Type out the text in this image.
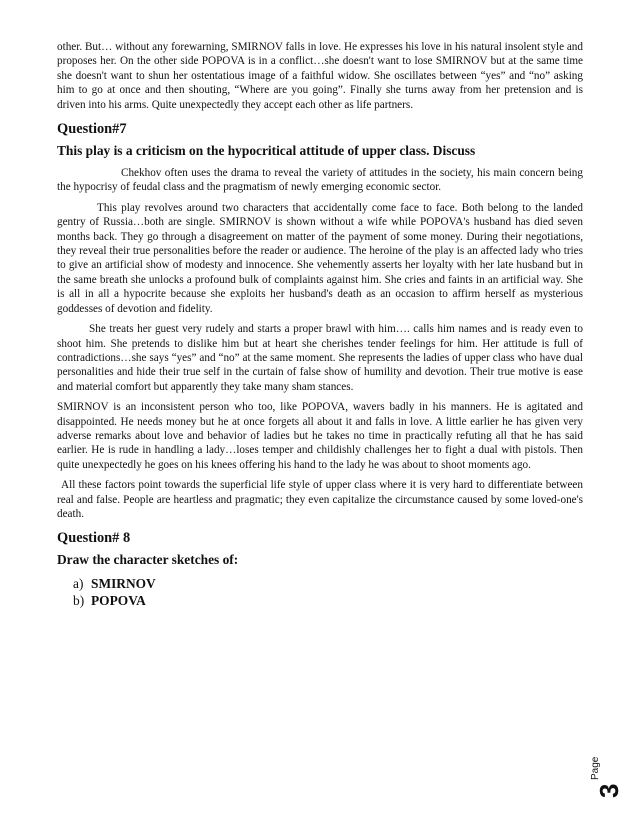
other. But… without any forewarning, SMIRNOV falls in love. He expresses his love in his natural insolent style and proposes her. On the other side POPOVA is in a conflict…she doesn't want to lose SMIRNOV but at the same time she doesn't want to shun her ostentatious image of a faithful widow. She oscillates between “yes” and “no” asking him to go at once and then shouting, “Where are you going”. Finally she turns away from her pretension and is driven into his arms. Quite unexpectedly they accept each other as life partners.

Question#7
This play is a criticism on the hypocritical attitude of upper class. Discuss

Chekhov often uses the drama to reveal the variety of attitudes in the society, his main concern being the hypocrisy of feudal class and the pragmatism of newly emerging economic sector.

This play revolves around two characters that accidentally come face to face. Both belong to the landed gentry of Russia…both are single. SMIRNOV is shown without a wife while POPOVA's husband has died seven months back. They go through a disagreement on matter of the payment of some money. During their negotiations, they reveal their true personalities before the reader or audience. The heroine of the play is an affected lady who tries to give an artificial show of modesty and innocence. She vehemently asserts her loyalty with her late husband but in the same breath she unlocks a profound bulk of complaints against him. She cries and faints in an artificial way. She is all in all a hypocrite because she exploits her husband's death as an occasion to affirm herself as mysterious goddesses of devotion and fidelity.

She treats her guest very rudely and starts a proper brawl with him…. calls him names and is ready even to shoot him. She pretends to dislike him but at heart she cherishes tender feelings for him. Her attitude is full of contradictions…she says “yes” and “no” at the same moment. She represents the ladies of upper class who have dual personalities and hide their true self in the curtain of false show of humility and devotion. Their true motive is ease and material comfort but apparently they take many sham stances.

SMIRNOV is an inconsistent person who too, like POPOVA, wavers badly in his manners. He is agitated and disappointed. He needs money but he at once forgets all about it and falls in love. A little earlier he has given very adverse remarks about love and behavior of ladies but he takes no time in practically refuting all that he has said earlier. He is rude in handling a lady…loses temper and childishly challenges her to fight a dual with pistols. Then quite unexpectedly he goes on his knees offering his hand to the lady he was about to shoot moments ago.

All these factors point towards the superficial life style of upper class where it is very hard to differentiate between real and false. People are heartless and pragmatic; they even capitalize the circumstance caused by some loved-one's death.

Question# 8
Draw the character sketches of:
a) SMIRNOV
b) POPOVA
Page
3
